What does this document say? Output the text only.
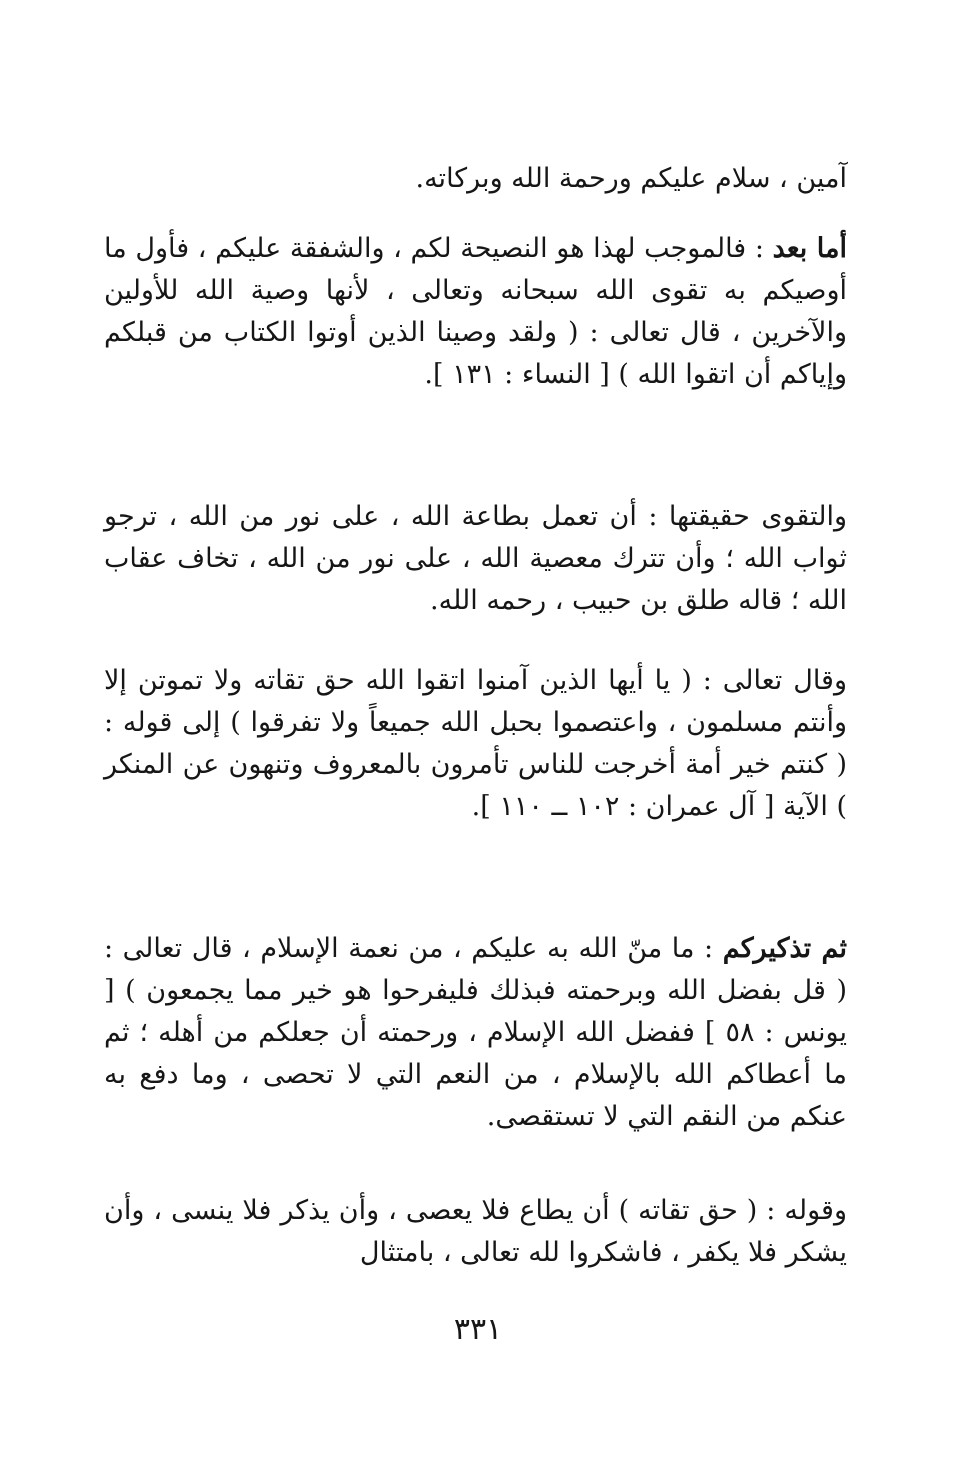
آمين ، سلام عليكم ورحمة الله وبركاته.

أما بعد : فالموجب لهذا هو النصيحة لكم ، والشفقة عليكم ، فأول ما أوصيكم به تقوى الله سبحانه وتعالى ، لأنها وصية الله للأولين والآخرين ، قال تعالى : ( ولقد وصينا الذين أوتوا الكتاب من قبلكم وإياكم أن اتقوا الله ) [ النساء : ١٣١ ].

والتقوى حقيقتها : أن تعمل بطاعة الله ، على نور من الله ، ترجو ثواب الله ؛ وأن تترك معصية الله ، على نور من الله ، تخاف عقاب الله ؛ قاله طلق بن حبيب ، رحمه الله.

وقال تعالى : ( يا أيها الذين آمنوا اتقوا الله حق تقاته ولا تموتن إلا وأنتم مسلمون ، واعتصموا بحبل الله جميعاً ولا تفرقوا ) إلى قوله : ( كنتم خير أمة أخرجت للناس تأمرون بالمعروف وتنهون عن المنكر ) الآية [ آل عمران : ١٠٢ ــ ١١٠ ].

ثم تذكيركم : ما منّ الله به عليكم ، من نعمة الإسلام ، قال تعالى : ( قل بفضل الله وبرحمته فبذلك فليفرحوا هو خير مما يجمعون ) [ يونس : ٥٨ ] ففضل الله الإسلام ، ورحمته أن جعلكم من أهله ؛ ثم ما أعطاكم الله بالإسلام ، من النعم التي لا تحصى ، وما دفع به عنكم من النقم التي لا تستقصى.

وقوله : ( حق تقاته ) أن يطاع فلا يعصى ، وأن يذكر فلا ينسى ، وأن يشكر فلا يكفر ، فاشكروا لله تعالى ، بامتثال

٣٣١
